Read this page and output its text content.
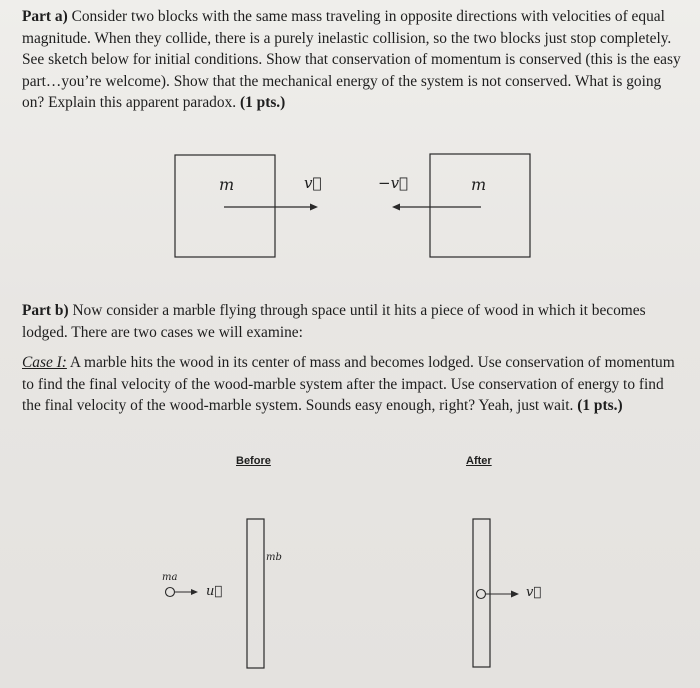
Part a) Consider two blocks with the same mass traveling in opposite directions with velocities of equal magnitude. When they collide, there is a purely inelastic collision, so the two blocks just stop completely. See sketch below for initial conditions. Show that conservation of momentum is conserved (this is the easy part…you’re welcome). Show that the mechanical energy of the system is not conserved. What is going on? Explain this apparent paradox. (1 pts.)
m	v⃗	−v⃗	m
Part b) Now consider a marble flying through space until it hits a piece of wood in which it becomes lodged. There are two cases we will examine:
Case I: A marble hits the wood in its center of mass and becomes lodged. Use conservation of momentum to find the final velocity of the wood-marble system after the impact. Use conservation of energy to find the final velocity of the wood-marble system. Sounds easy enough, right? Yeah, just wait. (1 pts.)
Before	After
mb
ma
u⃗	v⃗
